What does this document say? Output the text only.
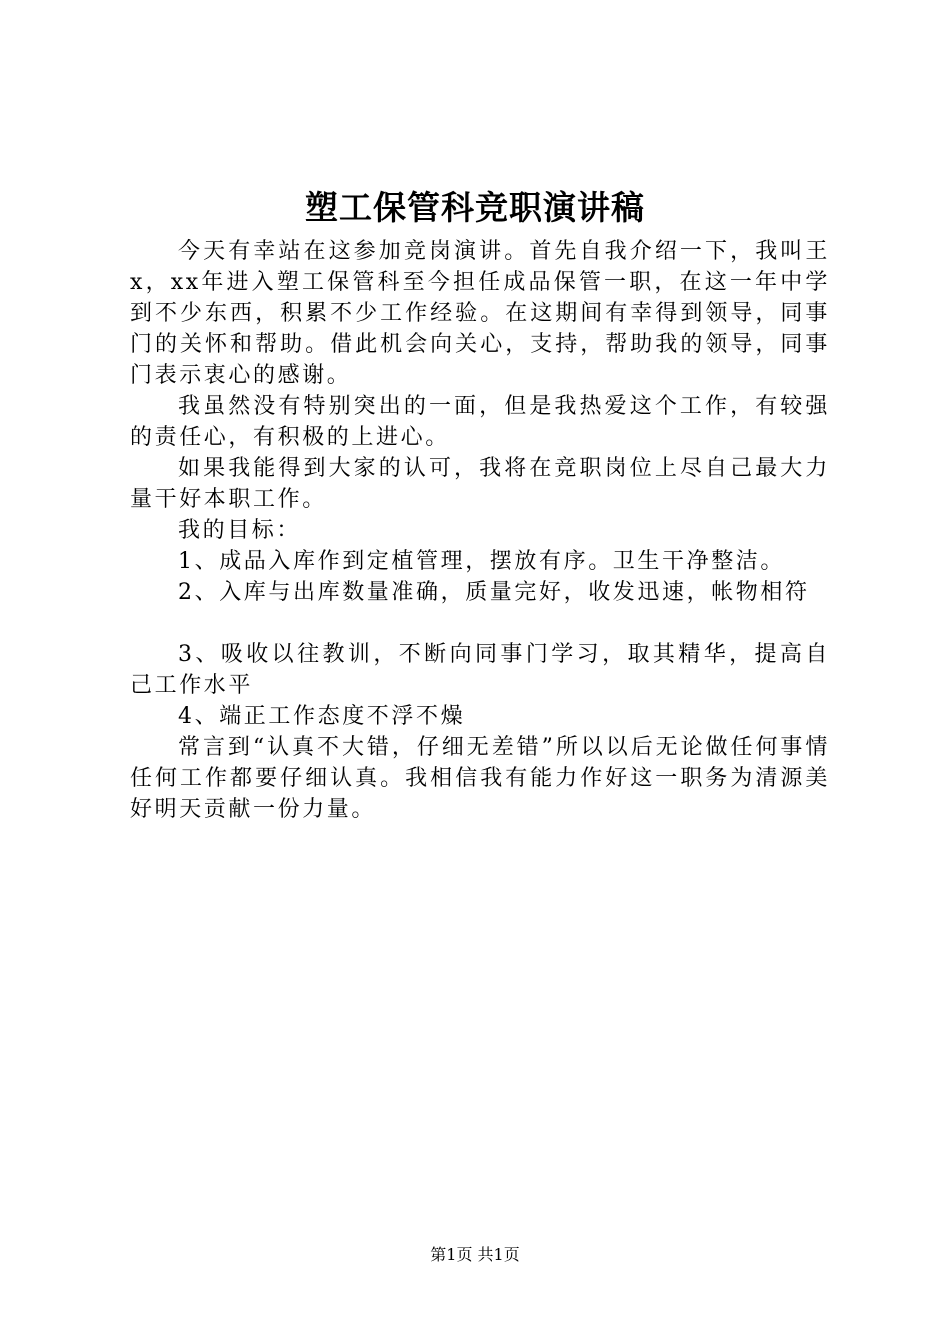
塑工保管科竞职演讲稿

今天有幸站在这参加竞岗演讲。首先自我介绍一下，我叫王x，xx年进入塑工保管科至今担任成品保管一职，在这一年中学到不少东西，积累不少工作经验。在这期间有幸得到领导，同事门的关怀和帮助。借此机会向关心，支持，帮助我的领导，同事门表示衷心的感谢。

我虽然没有特别突出的一面，但是我热爱这个工作，有较强的责任心，有积极的上进心。

如果我能得到大家的认可，我将在竞职岗位上尽自己最大力量干好本职工作。

我的目标：

1、成品入库作到定植管理，摆放有序。卫生干净整洁。

2、入库与出库数量准确，质量完好，收发迅速，帐物相符

3、吸收以往教训，不断向同事门学习，取其精华，提高自己工作水平

4、端正工作态度不浮不燥

常言到“认真不大错，仔细无差错”所以以后无论做任何事情任何工作都要仔细认真。我相信我有能力作好这一职务为清源美好明天贡献一份力量。

第1页 共1页
